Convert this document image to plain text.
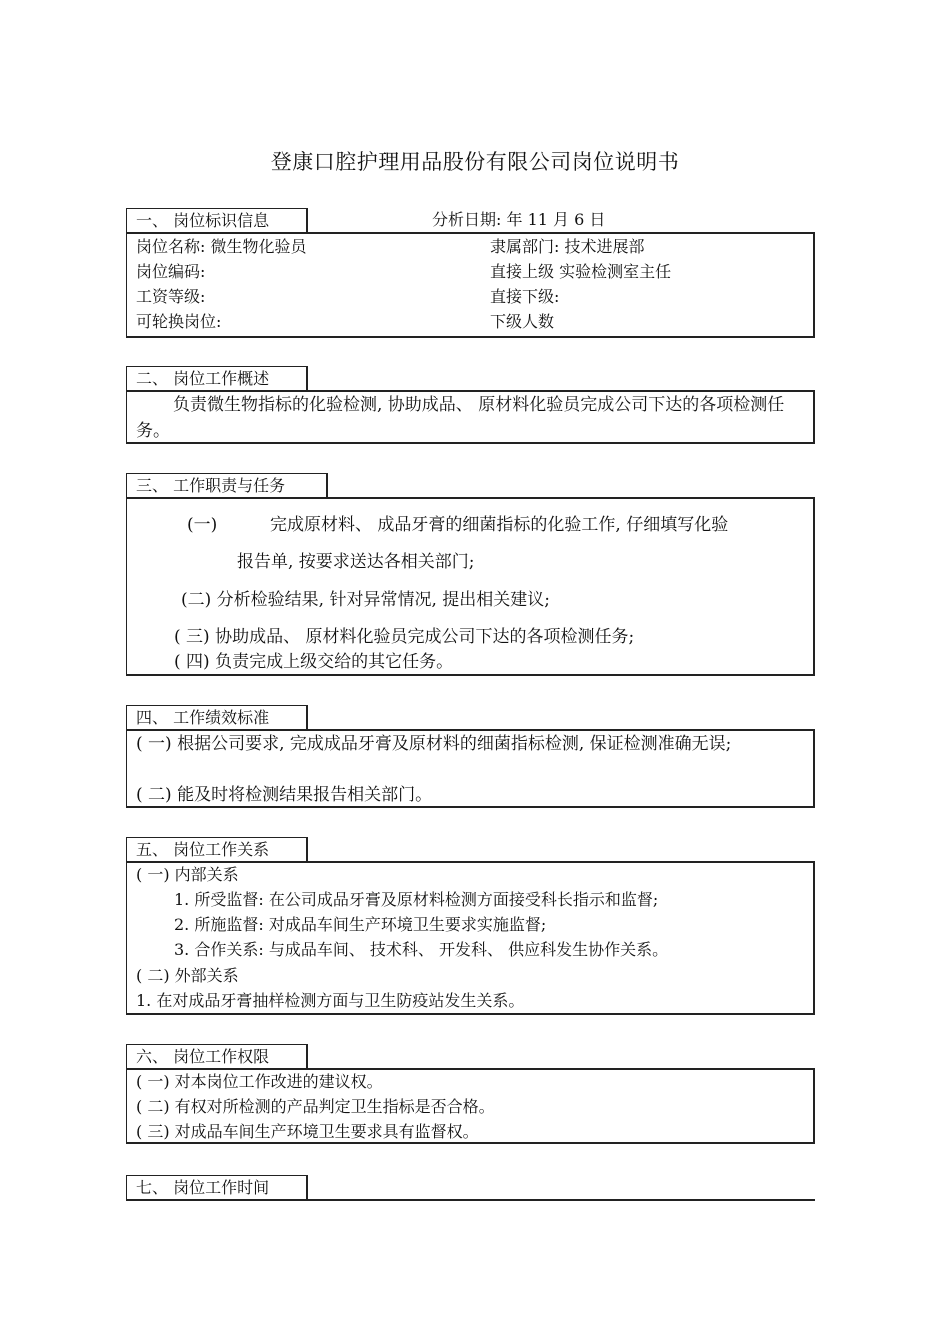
登康口腔护理用品股份有限公司岗位说明书
一、 岗位标识信息	分析日期: 年 11 月 6 日
岗位名称: 微生物化验员	隶属部门: 技术进展部
岗位编码:	直接上级 实验检测室主任
工资等级:	直接下级:
可轮换岗位:	下级人数
二、 岗位工作概述
负责微生物指标的化验检测, 协助成品、 原材料化验员完成公司下达的各项检测任务。
三、 工作职责与任务
(一)	完成原材料、 成品牙膏的细菌指标的化验工作, 仔细填写化验
报告单, 按要求送达各相关部门;
(二) 分析检验结果, 针对异常情况, 提出相关建议;
( 三) 协助成品、 原材料化验员完成公司下达的各项检测任务;
( 四) 负责完成上级交给的其它任务。
四、 工作绩效标准
( 一) 根据公司要求, 完成成品牙膏及原材料的细菌指标检测, 保证检测准确无误;
( 二) 能及时将检测结果报告相关部门。
五、 岗位工作关系
( 一) 内部关系
1. 所受监督: 在公司成品牙膏及原材料检测方面接受科长指示和监督;
2. 所施监督: 对成品车间生产环境卫生要求实施监督;
3. 合作关系: 与成品车间、 技术科、 开发科、 供应科发生协作关系。
( 二) 外部关系
1. 在对成品牙膏抽样检测方面与卫生防疫站发生关系。
六、 岗位工作权限
( 一) 对本岗位工作改进的建议权。
( 二) 有权对所检测的产品判定卫生指标是否合格。
( 三) 对成品车间生产环境卫生要求具有监督权。
七、 岗位工作时间
